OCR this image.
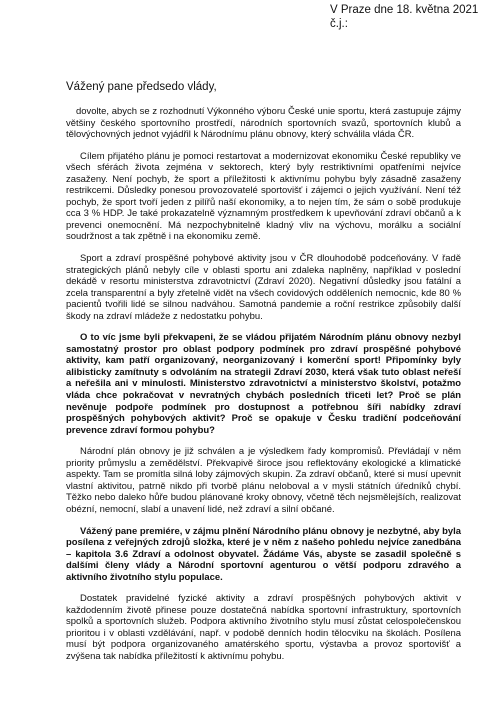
V Praze dne 18. května 2021
č.j.:
Vážený pane předsedo vlády,

dovolte, abych se z rozhodnutí Výkonného výboru České unie sportu, která zastupuje zájmy většiny českého sportovního prostředí, národních sportovních svazů, sportovních klubů a tělovýchovných jednot vyjádřil k Národnímu plánu obnovy, který schválila vláda ČR.

Cílem přijatého plánu je pomoci restartovat a modernizovat ekonomiku České republiky ve všech sférách života zejména v sektorech, který byly restriktivními opatřeními nejvíce zasaženy. Není pochyb, že sport a příležitosti k aktivnímu pohybu byly zásadně zasaženy restrikcemi. Důsledky ponesou provozovatelé sportovišť i zájemci o jejich využívání. Není též pochyb, že sport tvoří jeden z pilířů naší ekonomiky, a to nejen tím, že sám o sobě produkuje cca 3 % HDP. Je také prokazatelně významným prostředkem k upevňování zdraví občanů a k prevenci onemocnění. Má nezpochybnitelně kladný vliv na výchovu, morálku a sociální soudržnost a tak zpětně i na ekonomiku země.

Sport a zdraví prospěšné pohybové aktivity jsou v ČR dlouhodobě podceňovány. V řadě strategických plánů nebyly cíle v oblasti sportu ani zdaleka naplněny, například v poslední dekádě v resortu ministerstva zdravotnictví (Zdraví 2020). Negativní důsledky jsou fatální a zcela transparentní a byly zřetelně vidět na všech covidových odděleních nemocnic, kde 80 % pacientů tvořili lidé se silnou nadváhou. Samotná pandemie a roční restrikce způsobily další škody na zdraví mládeže z nedostatku pohybu.

O to víc jsme byli překvapeni, že se vládou přijatém Národním plánu obnovy nezbyl samostatný prostor pro oblast podpory podmínek pro zdraví prospěšné pohybové aktivity, kam patří organizovaný, neorganizovaný i komerční sport! Připomínky byly alibisticky zamítnuty s odvoláním na strategii Zdraví 2030, která však tuto oblast neřeší a neřešila ani v minulosti. Ministerstvo zdravotnictví a ministerstvo školství, potažmo vláda chce pokračovat v nevratných chybách posledních třiceti let? Proč se plán nevěnuje podpoře podmínek pro dostupnost a potřebnou šíři nabídky zdraví prospěšných pohybových aktivit? Proč se opakuje v Česku tradiční podceňování prevence zdraví formou pohybu?

Národní plán obnovy je již schválen a je výsledkem řady kompromisů. Převládají v něm priority průmyslu a zemědělství. Překvapivě široce jsou reflektovány ekologické a klimatické aspekty. Tam se promítla silná loby zájmových skupin. Za zdraví občanů, které si musí upevnit vlastní aktivitou, patrně nikdo při tvorbě plánu neloboval a v mysli státních úředníků chybí. Těžko nebo daleko hůře budou plánované kroky obnovy, včetně těch nejsmělejších, realizovat obézní, nemocní, slabí a unavení lidé, než zdraví a silní občané.

Vážený pane premiére, v zájmu plnění Národního plánu obnovy je nezbytné, aby byla posílena z veřejných zdrojů složka, které je v něm z našeho pohledu nejvíce zanedbána – kapitola 3.6 Zdraví a odolnost obyvatel. Žádáme Vás, abyste se zasadil společně s dalšími členy vlády a Národní sportovní agenturou o větší podporu zdravého a aktivního životního stylu populace.

Dostatek pravidelné fyzické aktivity a zdraví prospěšných pohybových aktivit v každodenním životě přinese pouze dostatečná nabídka sportovní infrastruktury, sportovních spolků a sportovních služeb. Podpora aktivního životního stylu musí zůstat celospolečenskou prioritou i v oblasti vzdělávání, např. v podobě denních hodin tělocviku na školách. Posílena musí být podpora organizovaného amatérského sportu, výstavba a provoz sportovišť a zvýšena tak nabídka příležitostí k aktivnímu pohybu.
